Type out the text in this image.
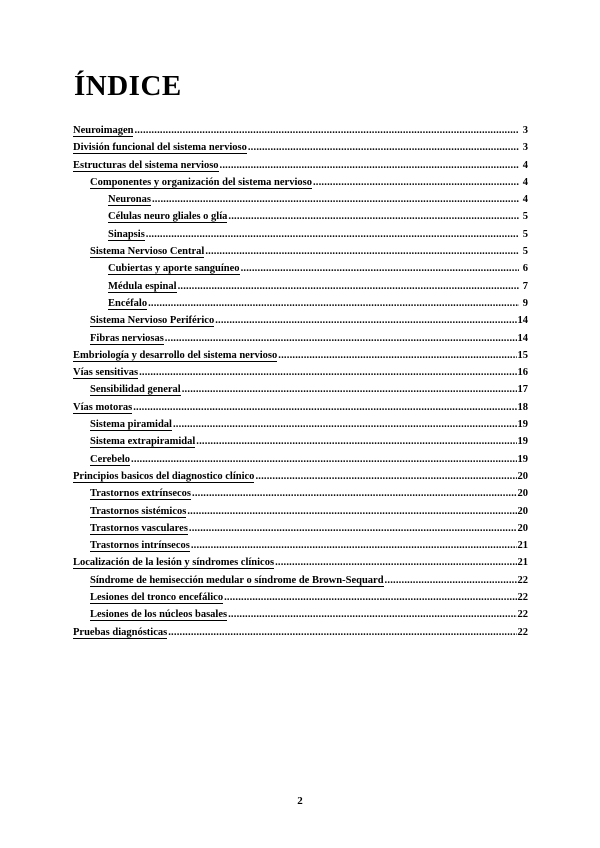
ÍNDICE
Neuroimagen .....	3
División funcional del sistema nervioso .....	3
Estructuras del sistema nervioso .....	4
Componentes y organización del sistema nervioso .....	4
Neuronas .....	4
Células neuro gliales o glía .....	5
Sinapsis .....	5
Sistema Nervioso Central .....	5
Cubiertas y aporte sanguíneo .....	6
Médula espinal .....	7
Encéfalo .....	9
Sistema Nervioso Periférico .....	14
Fibras nerviosas .....	14
Embriología y desarrollo del sistema nervioso .....	15
Vías sensitivas .....	16
Sensibilidad general .....	17
Vías motoras .....	18
Sistema piramidal .....	19
Sistema extrapiramidal .....	19
Cerebelo .....	19
Principios basicos del diagnostico clínico .....	20
Trastornos extrínsecos .....	20
Trastornos sistémicos .....	20
Trastornos vasculares .....	20
Trastornos intrínsecos .....	21
Localización de la lesión y síndromes clínicos .....	21
Síndrome de hemisección medular o síndrome de Brown-Sequard .....	22
Lesiones del tronco encefálico .....	22
Lesiones de los núcleos basales .....	22
Pruebas diagnósticas .....	22
2
